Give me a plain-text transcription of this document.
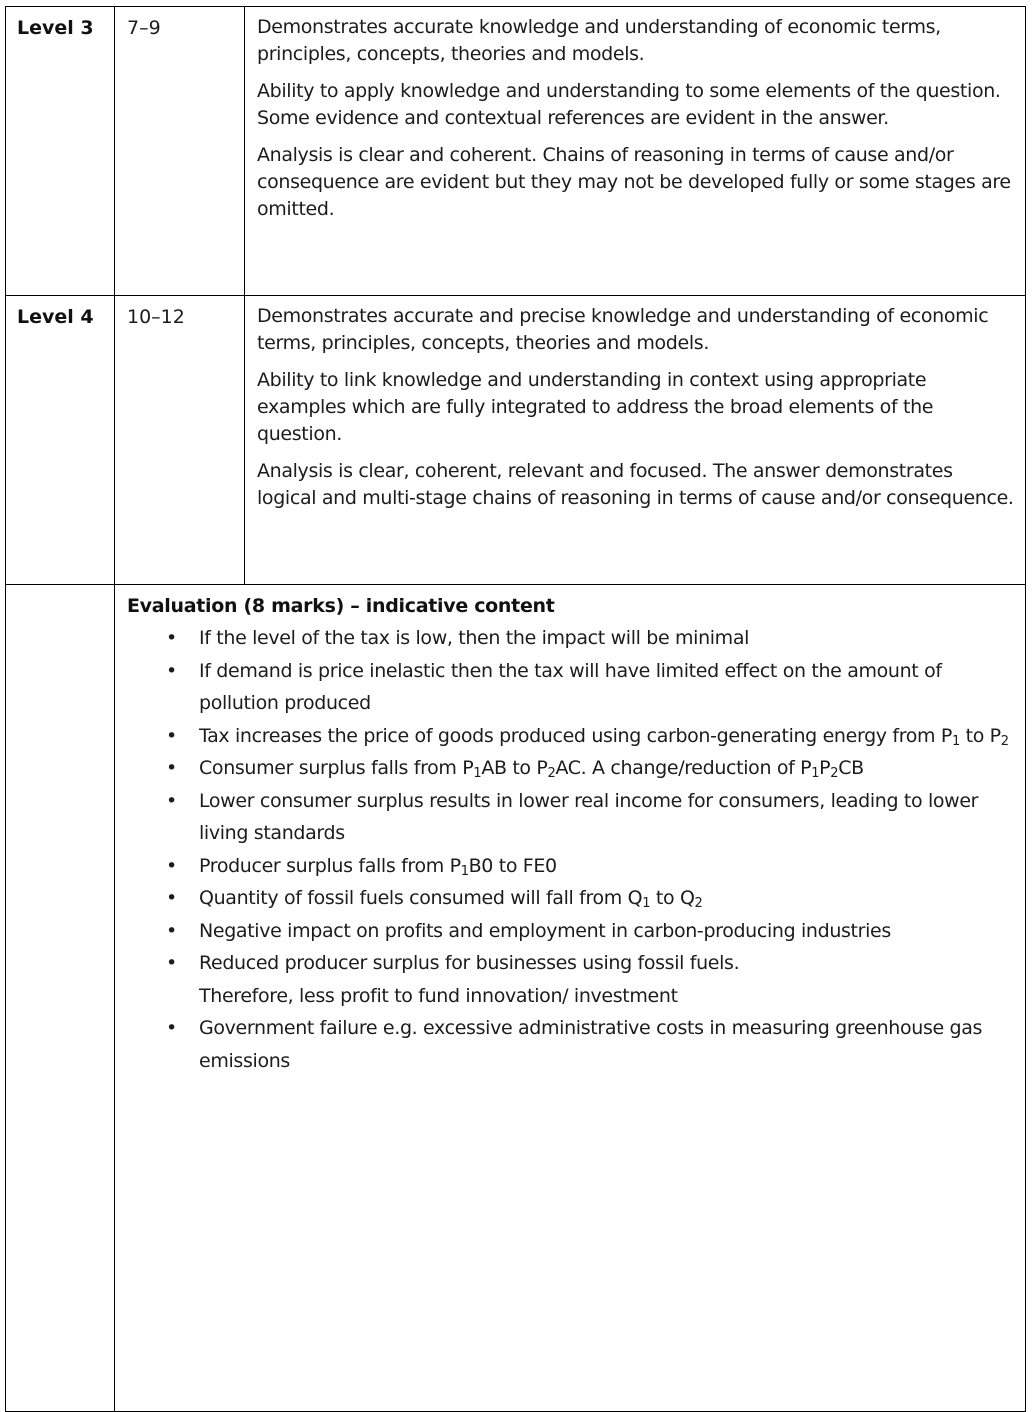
Level 3	7–9	Demonstrates accurate knowledge and understanding of economic terms, principles, concepts, theories and models.

Ability to apply knowledge and understanding to some elements of the question. Some evidence and contextual references are evident in the answer.

Analysis is clear and coherent. Chains of reasoning in terms of cause and/or consequence are evident but they may not be developed fully or some stages are omitted.

Level 4	10–12	Demonstrates accurate and precise knowledge and understanding of economic terms, principles, concepts, theories and models.

Ability to link knowledge and understanding in context using appropriate examples which are fully integrated to address the broad elements of the question.

Analysis is clear, coherent, relevant and focused. The answer demonstrates logical and multi-stage chains of reasoning in terms of cause and/or consequence.

Evaluation (8 marks) – indicative content
• If the level of the tax is low, then the impact will be minimal
• If demand is price inelastic then the tax will have limited effect on the amount of pollution produced
• Tax increases the price of goods produced using carbon-generating energy from $P_1$ to $P_2$
• Consumer surplus falls from $P_1AB$ to $P_2AC$. A change/reduction of $P_1P_2CB$
• Lower consumer surplus results in lower real income for consumers, leading to lower living standards
• Producer surplus falls from $P_1B0$ to FE0
• Quantity of fossil fuels consumed will fall from $Q_1$ to $Q_2$
• Negative impact on profits and employment in carbon-producing industries
• Reduced producer surplus for businesses using fossil fuels.
Therefore, less profit to fund innovation/ investment
• Government failure e.g. excessive administrative costs in measuring greenhouse gas emissions
